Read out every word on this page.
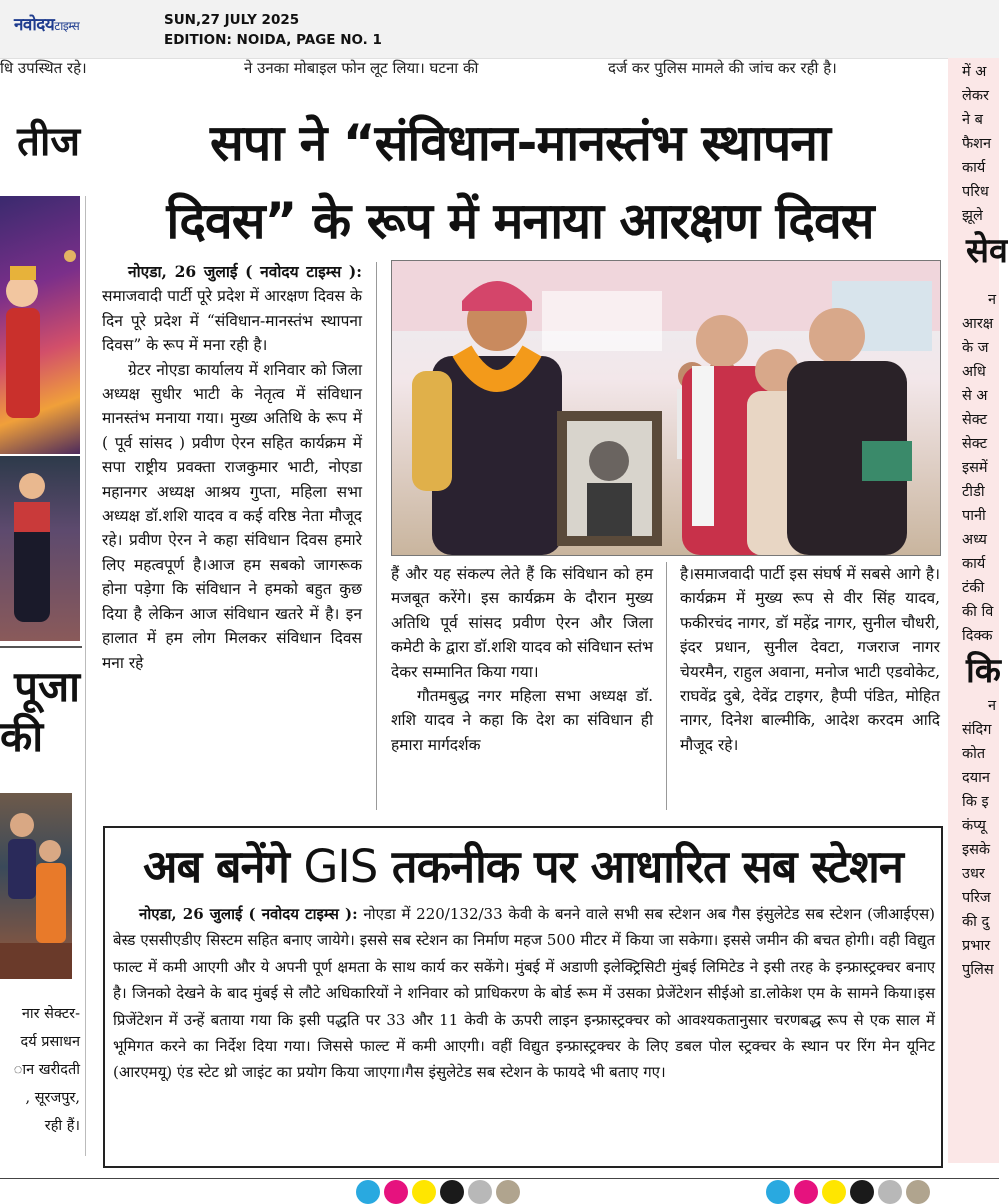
नवोदयटाइम्स	SUN,27 JULY 2025
EDITION: NOIDA, PAGE NO. 1
धि उपस्थित रहे।	ने उनका मोबाइल फोन लूट लिया। घटना की	दर्ज कर पुलिस मामले की जांच कर रही है।
तीज
पूजा
की
नार सेक्टर-
दर्य प्रसाधन
ान खरीदती
, सूरजपुर,
रही हैं।
में अ
लेकर
ने ब
फैशन
कार्य
परिध
झूले
सेव
न
आरक्ष
के ज
अधि
से अ
सेक्ट
सेक्ट
इसमें
टीडी
पानी
अध्य
कार्य
टंकी
की वि
दिक्क
कि
न
संदिग
कोत
दयान
कि इ
कंप्यू
इसके
उधर
परिज
की दु
प्रभार
पुलिस
सपा ने “संविधान-मानस्तंभ स्थापना
दिवस” के रूप में मनाया आरक्षण दिवस

नोएडा, 26 जुलाई ( नवोदय टाइम्स ): समाजवादी पार्टी पूरे प्रदेश में आरक्षण दिवस के दिन पूरे प्रदेश में “संविधान-मानस्तंभ स्थापना दिवस” के रूप में मना रही है।

ग्रेटर नोएडा कार्यालय में शनिवार को जिला अध्यक्ष सुधीर भाटी के नेतृत्व में संविधान मानस्तंभ मनाया गया। मुख्य अतिथि के रूप में ( पूर्व सांसद ) प्रवीण ऐरन सहित कार्यक्रम में सपा राष्ट्रीय प्रवक्ता राजकुमार भाटी, नोएडा महानगर अध्यक्ष आश्रय गुप्ता, महिला सभा अध्यक्ष डॉ.शशि यादव व कई वरिष्ठ नेता मौजूद रहे। प्रवीण ऐरन ने कहा संविधान दिवस हमारे लिए महत्वपूर्ण है।आज हम सबको जागरूक होना पड़ेगा कि संविधान ने हमको बहुत कुछ दिया है लेकिन आज संविधान खतरे में है। इन हालात में हम लोग मिलकर संविधान दिवस मना रहे

हैं और यह संकल्प लेते हैं कि संविधान को हम मजबूत करेंगे। इस कार्यक्रम के दौरान मुख्य अतिथि पूर्व सांसद प्रवीण ऐरन और जिला कमेटी के द्वारा डॉ.शशि यादव को संविधान स्तंभ देकर सम्मानित किया गया।

गौतमबुद्ध नगर महिला सभा अध्यक्ष डॉ. शशि यादव ने कहा कि देश का संविधान ही हमारा मार्गदर्शक

है।समाजवादी पार्टी इस संघर्ष में सबसे आगे है।कार्यक्रम में मुख्य रूप से वीर सिंह यादव, फकीरचंद नागर, डॉ महेंद्र नागर, सुनील चौधरी, इंदर प्रधान, सुनील देवटा, गजराज नागर चेयरमैन, राहुल अवाना, मनोज भाटी एडवोकेट, राघवेंद्र दुबे, देवेंद्र टाइगर, हैप्पी पंडित, मोहित नागर, दिनेश बाल्मीकि, आदेश करदम आदि मौजूद रहे।

अब बनेंगे GIS तकनीक पर आधारित सब स्टेशन

नोएडा, 26 जुलाई ( नवोदय टाइम्स ): नोएडा में 220/132/33 केवी के बनने वाले सभी सब स्टेशन अब गैस इंसुलेटेड सब स्टेशन (जीआईएस) बेस्ड एससीएडीए सिस्टम सहित बनाए जायेगे। इससे सब स्टेशन का निर्माण महज 500 मीटर में किया जा सकेगा। इससे जमीन की बचत होगी। वही विद्युत फाल्ट में कमी आएगी और ये अपनी पूर्ण क्षमता के साथ कार्य कर सकेंगे। मुंबई में अडाणी इलेक्ट्रिसिटी मुंबई लिमिटेड ने इसी तरह के इन्फ्रास्ट्रक्चर बनाए है। जिनको देखने के बाद मुंबई से लौटे अधिकारियों ने शनिवार को प्राधिकरण के बोर्ड रूम में उसका प्रेजेंटेशन सीईओ डा.लोकेश एम के सामने किया।इस प्रिजेंटेशन में उन्हें बताया गया कि इसी पद्धति पर 33 और 11 केवी के ऊपरी लाइन इन्फ्रास्ट्रक्चर को आवश्यकतानुसार चरणबद्ध रूप से एक साल में भूमिगत करने का निर्देश दिया गया। जिससे फाल्ट में कमी आएगी। वहीं विद्युत इन्फ्रास्ट्रक्चर के लिए डबल पोल स्ट्रक्चर के स्थान पर रिंग मेन यूनिट (आरएमयू) एंड स्टेट थ्रो जाइंट का प्रयोग किया जाएगा।गैस इंसुलेटेड सब स्टेशन के फायदे भी बताए गए।
